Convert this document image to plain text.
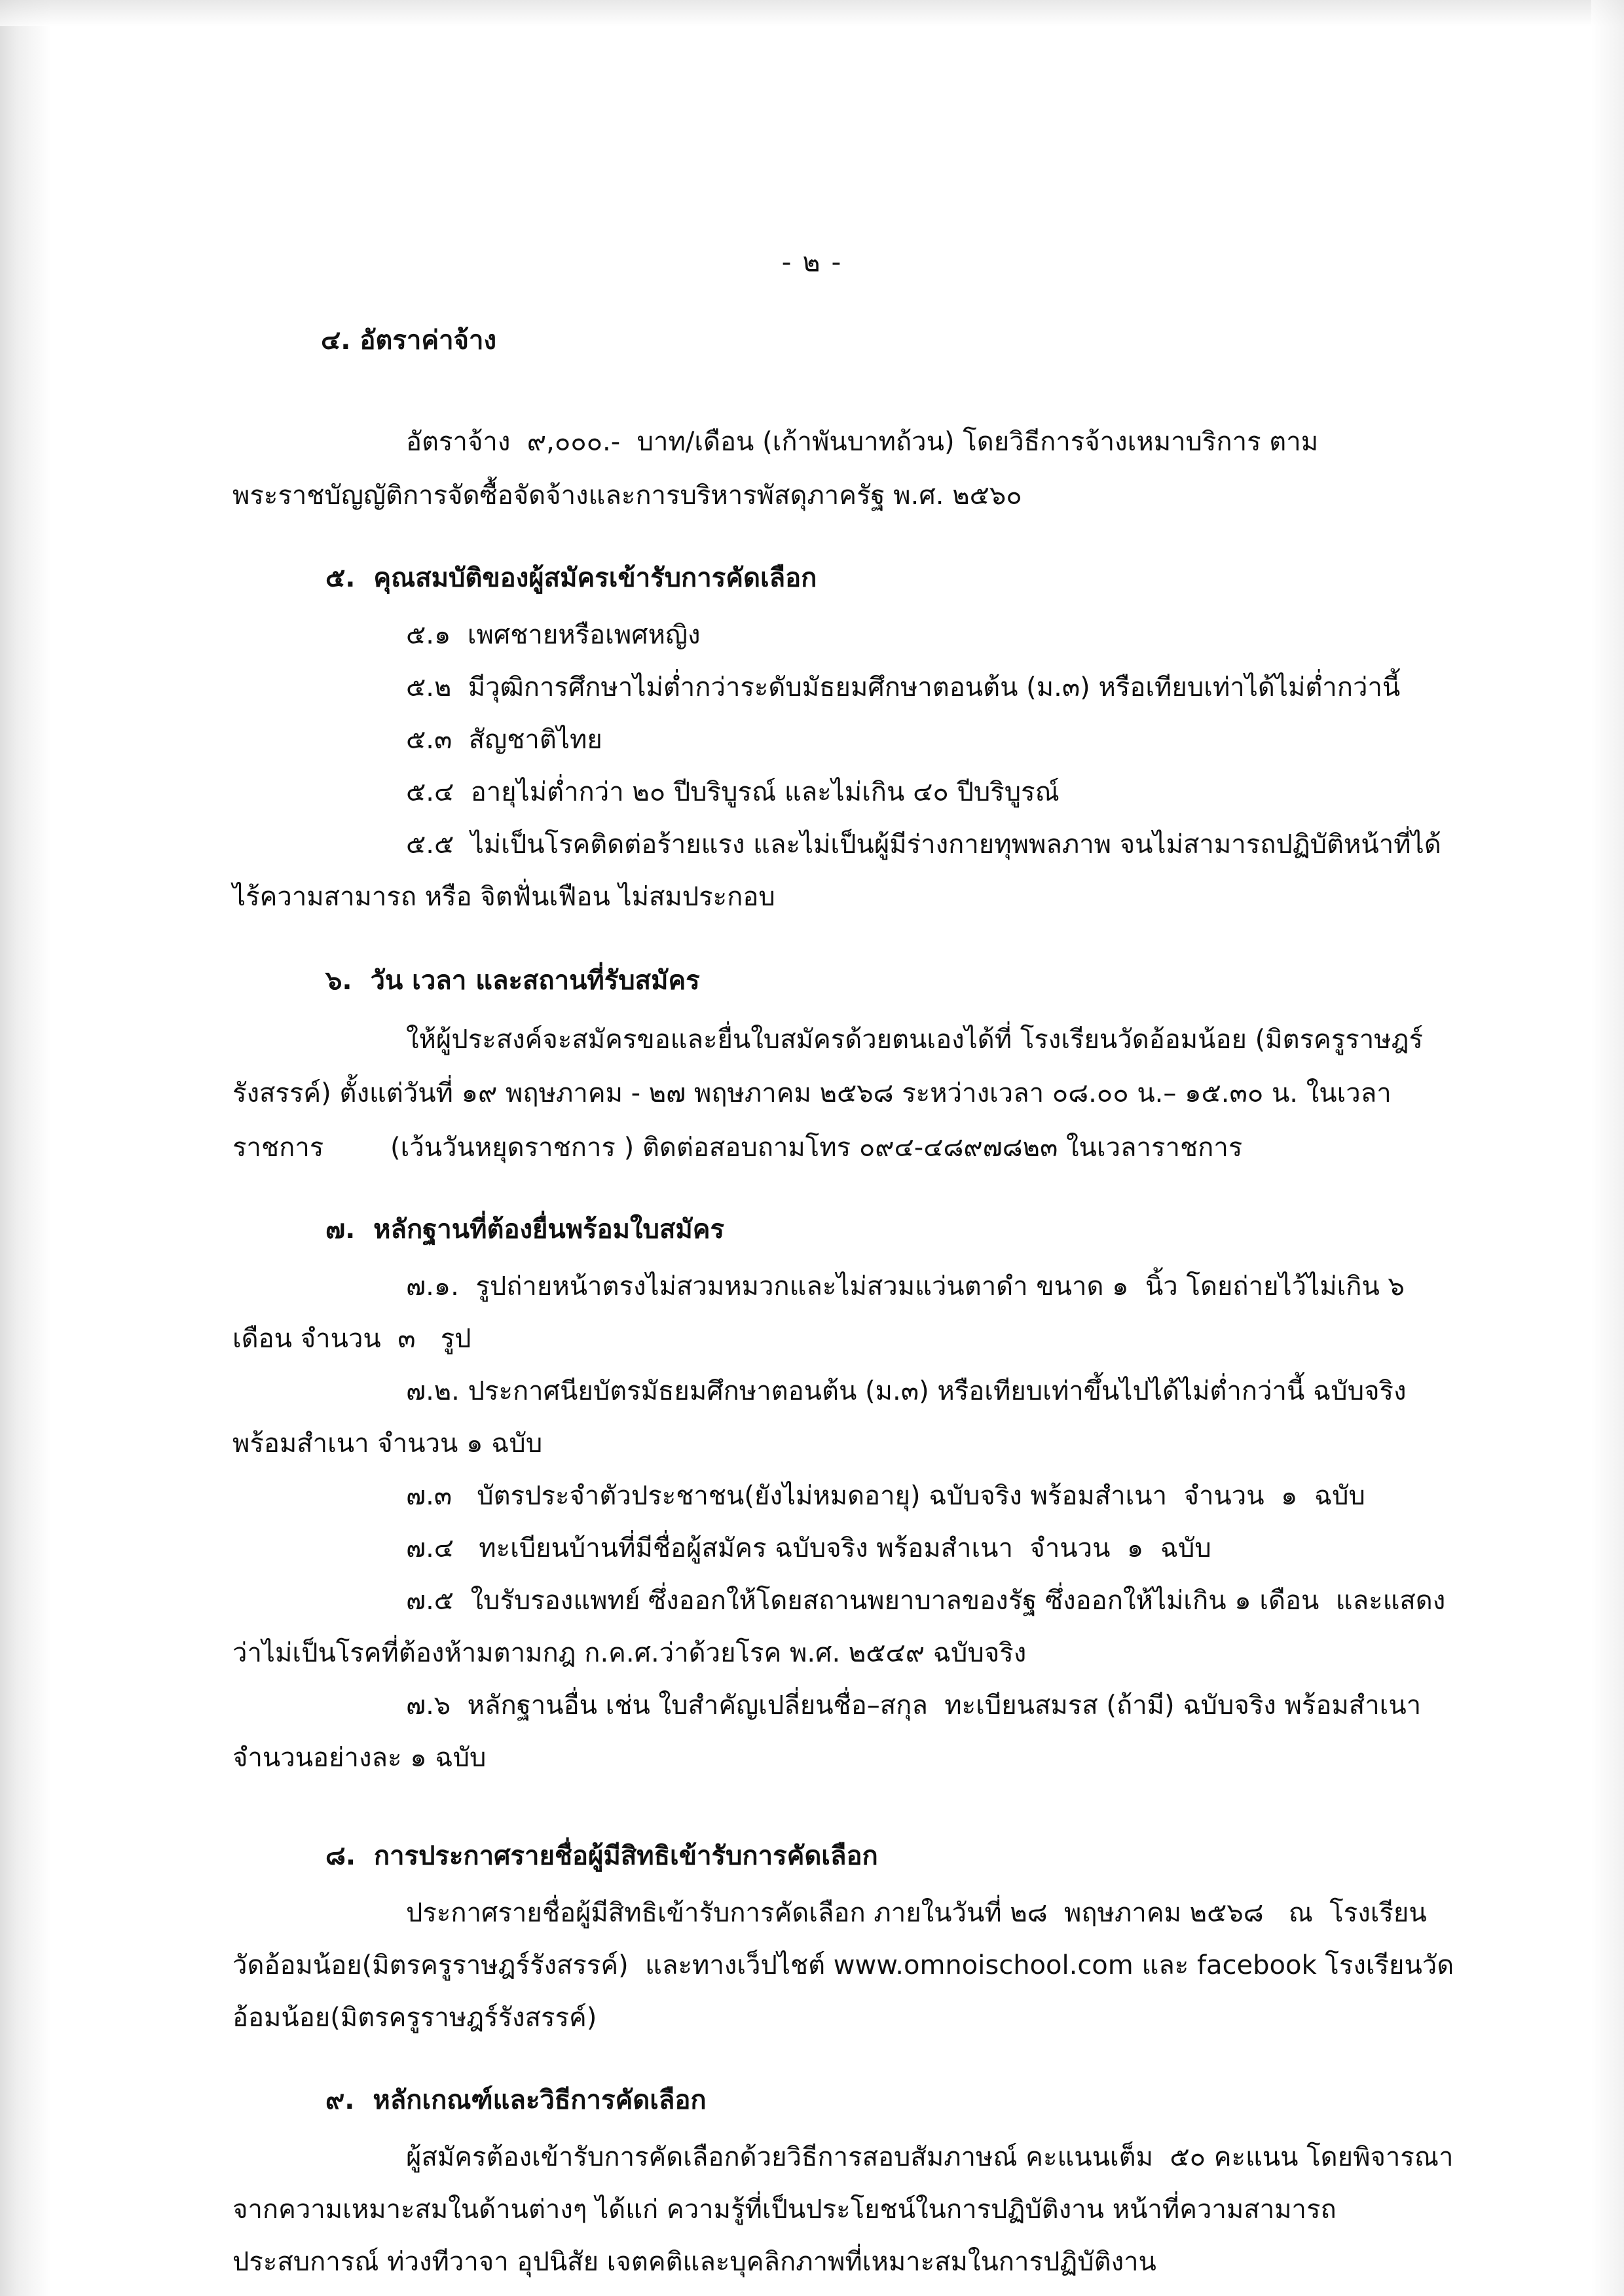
- ๒ -
๔. อัตราค่าจ้าง
อัตราจ้าง  ๙,๐๐๐.-  บาท/เดือน (เก้าพันบาทถ้วน) โดยวิธีการจ้างเหมาบริการ ตาม
พระราชบัญญัติการจัดซื้อจัดจ้างและการบริหารพัสดุภาครัฐ พ.ศ. ๒๕๖๐
๕.  คุณสมบัติของผู้สมัครเข้ารับการคัดเลือก
๕.๑  เพศชายหรือเพศหญิง
๕.๒  มีวุฒิการศึกษาไม่ต่ำกว่าระดับมัธยมศึกษาตอนต้น (ม.๓) หรือเทียบเท่าได้ไม่ต่ำกว่านี้
๕.๓  สัญชาติไทย
๕.๔  อายุไม่ต่ำกว่า ๒๐ ปีบริบูรณ์ และไม่เกิน ๔๐ ปีบริบูรณ์
๕.๕  ไม่เป็นโรคติดต่อร้ายแรง และไม่เป็นผู้มีร่างกายทุพพลภาพ จนไม่สามารถปฏิบัติหน้าที่ได้
ไร้ความสามารถ หรือ จิตฟั่นเฟือน ไม่สมประกอบ
๖.  วัน เวลา และสถานที่รับสมัคร
ให้ผู้ประสงค์จะสมัครขอและยื่นใบสมัครด้วยตนเองได้ที่ โรงเรียนวัดอ้อมน้อย (มิตรครูราษฎร์
รังสรรค์) ตั้งแต่วันที่ ๑๙ พฤษภาคม - ๒๗ พฤษภาคม ๒๕๖๘ ระหว่างเวลา ๐๘.๐๐ น.– ๑๕.๓๐ น. ในเวลา
ราชการ        (เว้นวันหยุดราชการ ) ติดต่อสอบถามโทร ๐๙๔-๔๘๙๗๘๒๓ ในเวลาราชการ
๗.  หลักฐานที่ต้องยื่นพร้อมใบสมัคร
๗.๑.  รูปถ่ายหน้าตรงไม่สวมหมวกและไม่สวมแว่นตาดำ ขนาด ๑  นิ้ว โดยถ่ายไว้ไม่เกิน ๖
เดือน จำนวน  ๓   รูป
๗.๒. ประกาศนียบัตรมัธยมศึกษาตอนต้น (ม.๓) หรือเทียบเท่าขึ้นไปได้ไม่ต่ำกว่านี้ ฉบับจริง
พร้อมสำเนา จำนวน ๑ ฉบับ
๗.๓   บัตรประจำตัวประชาชน(ยังไม่หมดอายุ) ฉบับจริง พร้อมสำเนา  จำนวน  ๑  ฉบับ
๗.๔   ทะเบียนบ้านที่มีชื่อผู้สมัคร ฉบับจริง พร้อมสำเนา  จำนวน  ๑  ฉบับ
๗.๕  ใบรับรองแพทย์ ซึ่งออกให้โดยสถานพยาบาลของรัฐ ซึ่งออกให้ไม่เกิน ๑ เดือน  และแสดง
ว่าไม่เป็นโรคที่ต้องห้ามตามกฎ ก.ค.ศ.ว่าด้วยโรค พ.ศ. ๒๕๔๙ ฉบับจริง
๗.๖  หลักฐานอื่น เช่น ใบสำคัญเปลี่ยนชื่อ–สกุล  ทะเบียนสมรส (ถ้ามี) ฉบับจริง พร้อมสำเนา
จำนวนอย่างละ ๑ ฉบับ
๘.  การประกาศรายชื่อผู้มีสิทธิเข้ารับการคัดเลือก
ประกาศรายชื่อผู้มีสิทธิเข้ารับการคัดเลือก ภายในวันที่ ๒๘  พฤษภาคม ๒๕๖๘   ณ  โรงเรียน
วัดอ้อมน้อย(มิตรครูราษฎร์รังสรรค์)  และทางเว็ปไชต์ www.omnoischool.com และ facebook โรงเรียนวัด
อ้อมน้อย(มิตรครูราษฎร์รังสรรค์)
๙.  หลักเกณฑ์และวิธีการคัดเลือก
ผู้สมัครต้องเข้ารับการคัดเลือกด้วยวิธีการสอบสัมภาษณ์ คะแนนเต็ม  ๕๐ คะแนน โดยพิจารณา
จากความเหมาะสมในด้านต่างๆ ได้แก่ ความรู้ที่เป็นประโยชน์ในการปฏิบัติงาน หน้าที่ความสามารถ
ประสบการณ์ ท่วงทีวาจา อุปนิสัย เจตคติและบุคลิกภาพที่เหมาะสมในการปฏิบัติงาน
